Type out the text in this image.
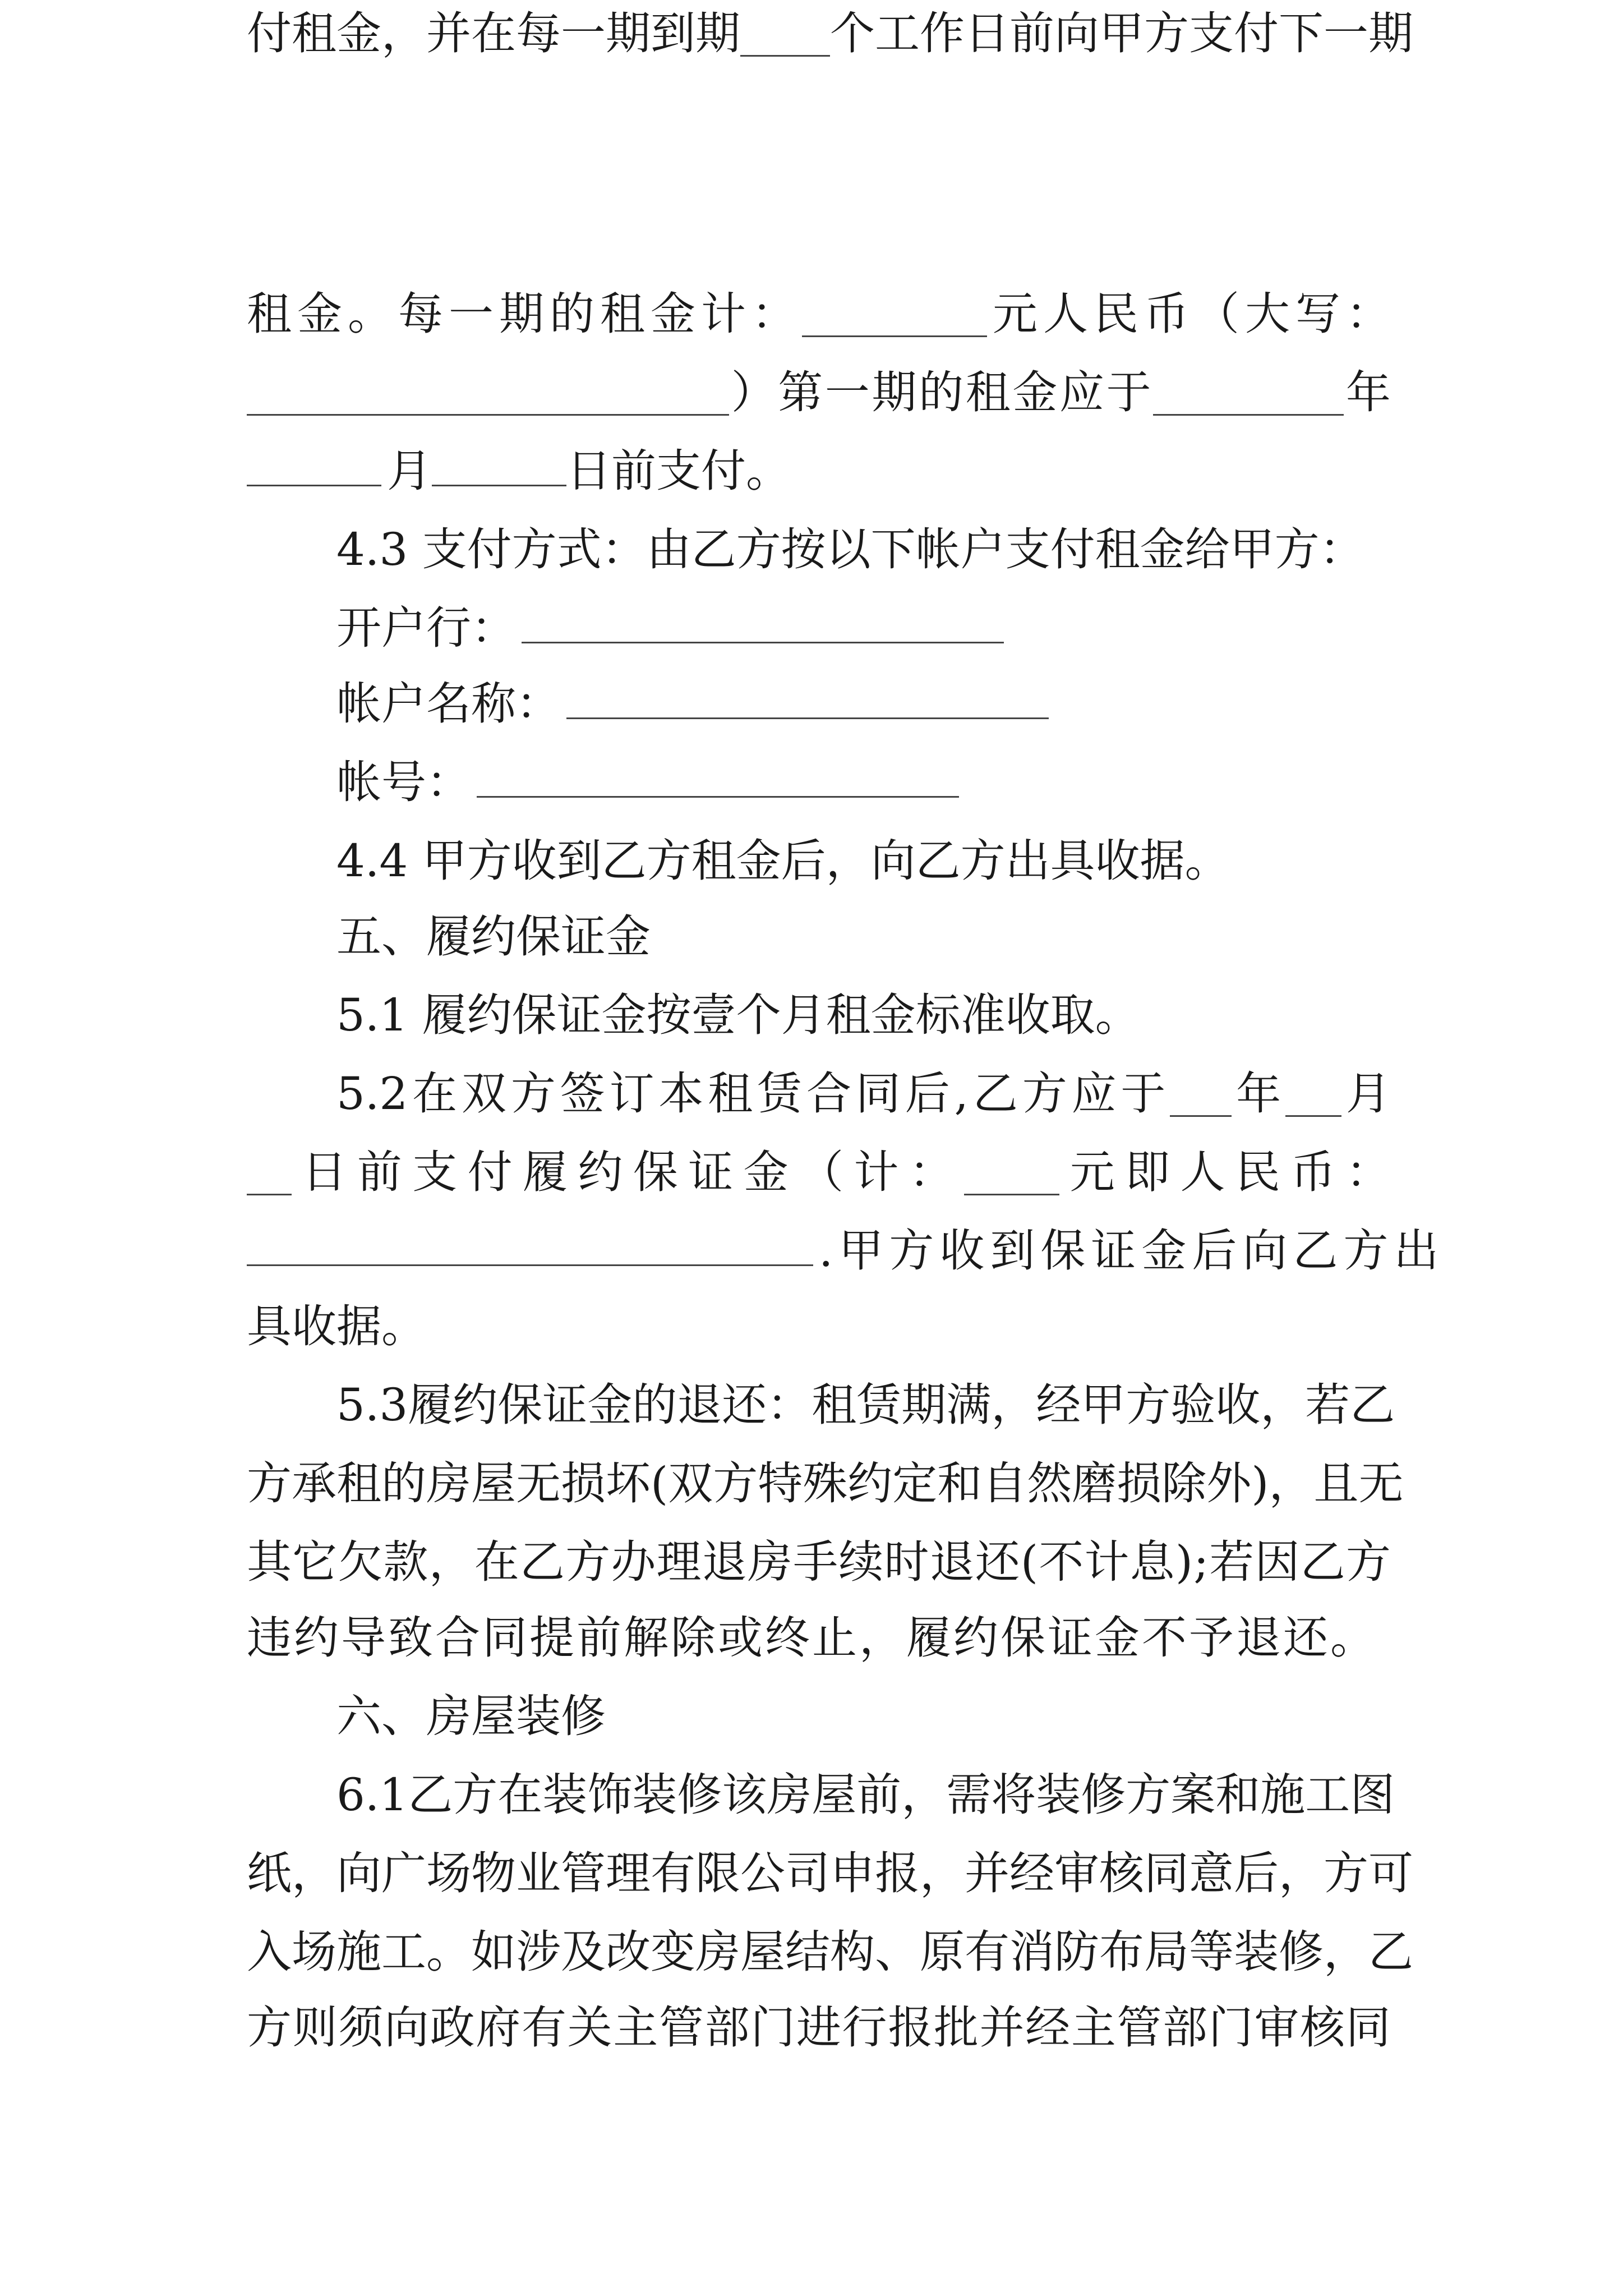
付 租 金 ， 并 在 每 一 期 到 期 个 工 作 日 前 向 甲 方 支 付 下 一 期
租 金 。 每 一 期 的 租 金 计 ：	元 人 民 币 （ 大 写 ：
） 第 一 期 的 租 金 应 于	年
月	日前支付。
4.3 支付方式：由乙方按以下帐户支付租金给甲方：
开户行：
帐户名称：
帐号：
4.4 甲方收到乙方租金后，向乙方出具收据。
五、履约保证金
5.1 履约保证金按壹个月租金标准收取。
5.2 在 双 方 签 订 本 租 赁 合 同 后 , 乙 方 应 于 年 月
日 前 支 付 履 约 保 证 金 （ 计 ：	元 即 人 民 币 ：
.甲方收到保证金后向乙方出
具收据。
5.3 履 约 保 证 金 的 退 还 ： 租 赁 期 满 ， 经 甲 方 验 收 ， 若 乙
方 承 租 的 房 屋 无 损 坏 ( 双 方 特 殊 约 定 和 自 然 磨 损 除 外 ) ， 且 无
其 它 欠 款 ， 在 乙 方 办 理 退 房 手 续 时 退 还 ( 不 计 息 ) ; 若 因 乙 方
违约导致合同提前解除或终止，履约保证金不予退还。
六、房屋装修
6.1 乙 方 在 装 饰 装 修 该 房 屋 前 ， 需 将 装 修 方 案 和 施 工 图
纸 ， 向 广 场 物 业 管 理 有 限 公 司 申 报 ， 并 经 审 核 同 意 后 ， 方 可
入 场 施 工 。 如 涉 及 改 变 房 屋 结 构 、 原 有 消 防 布 局 等 装 修 ， 乙
方 则 须 向 政 府 有 关 主 管 部 门 进 行 报 批 并 经 主 管 部 门 审 核 同
